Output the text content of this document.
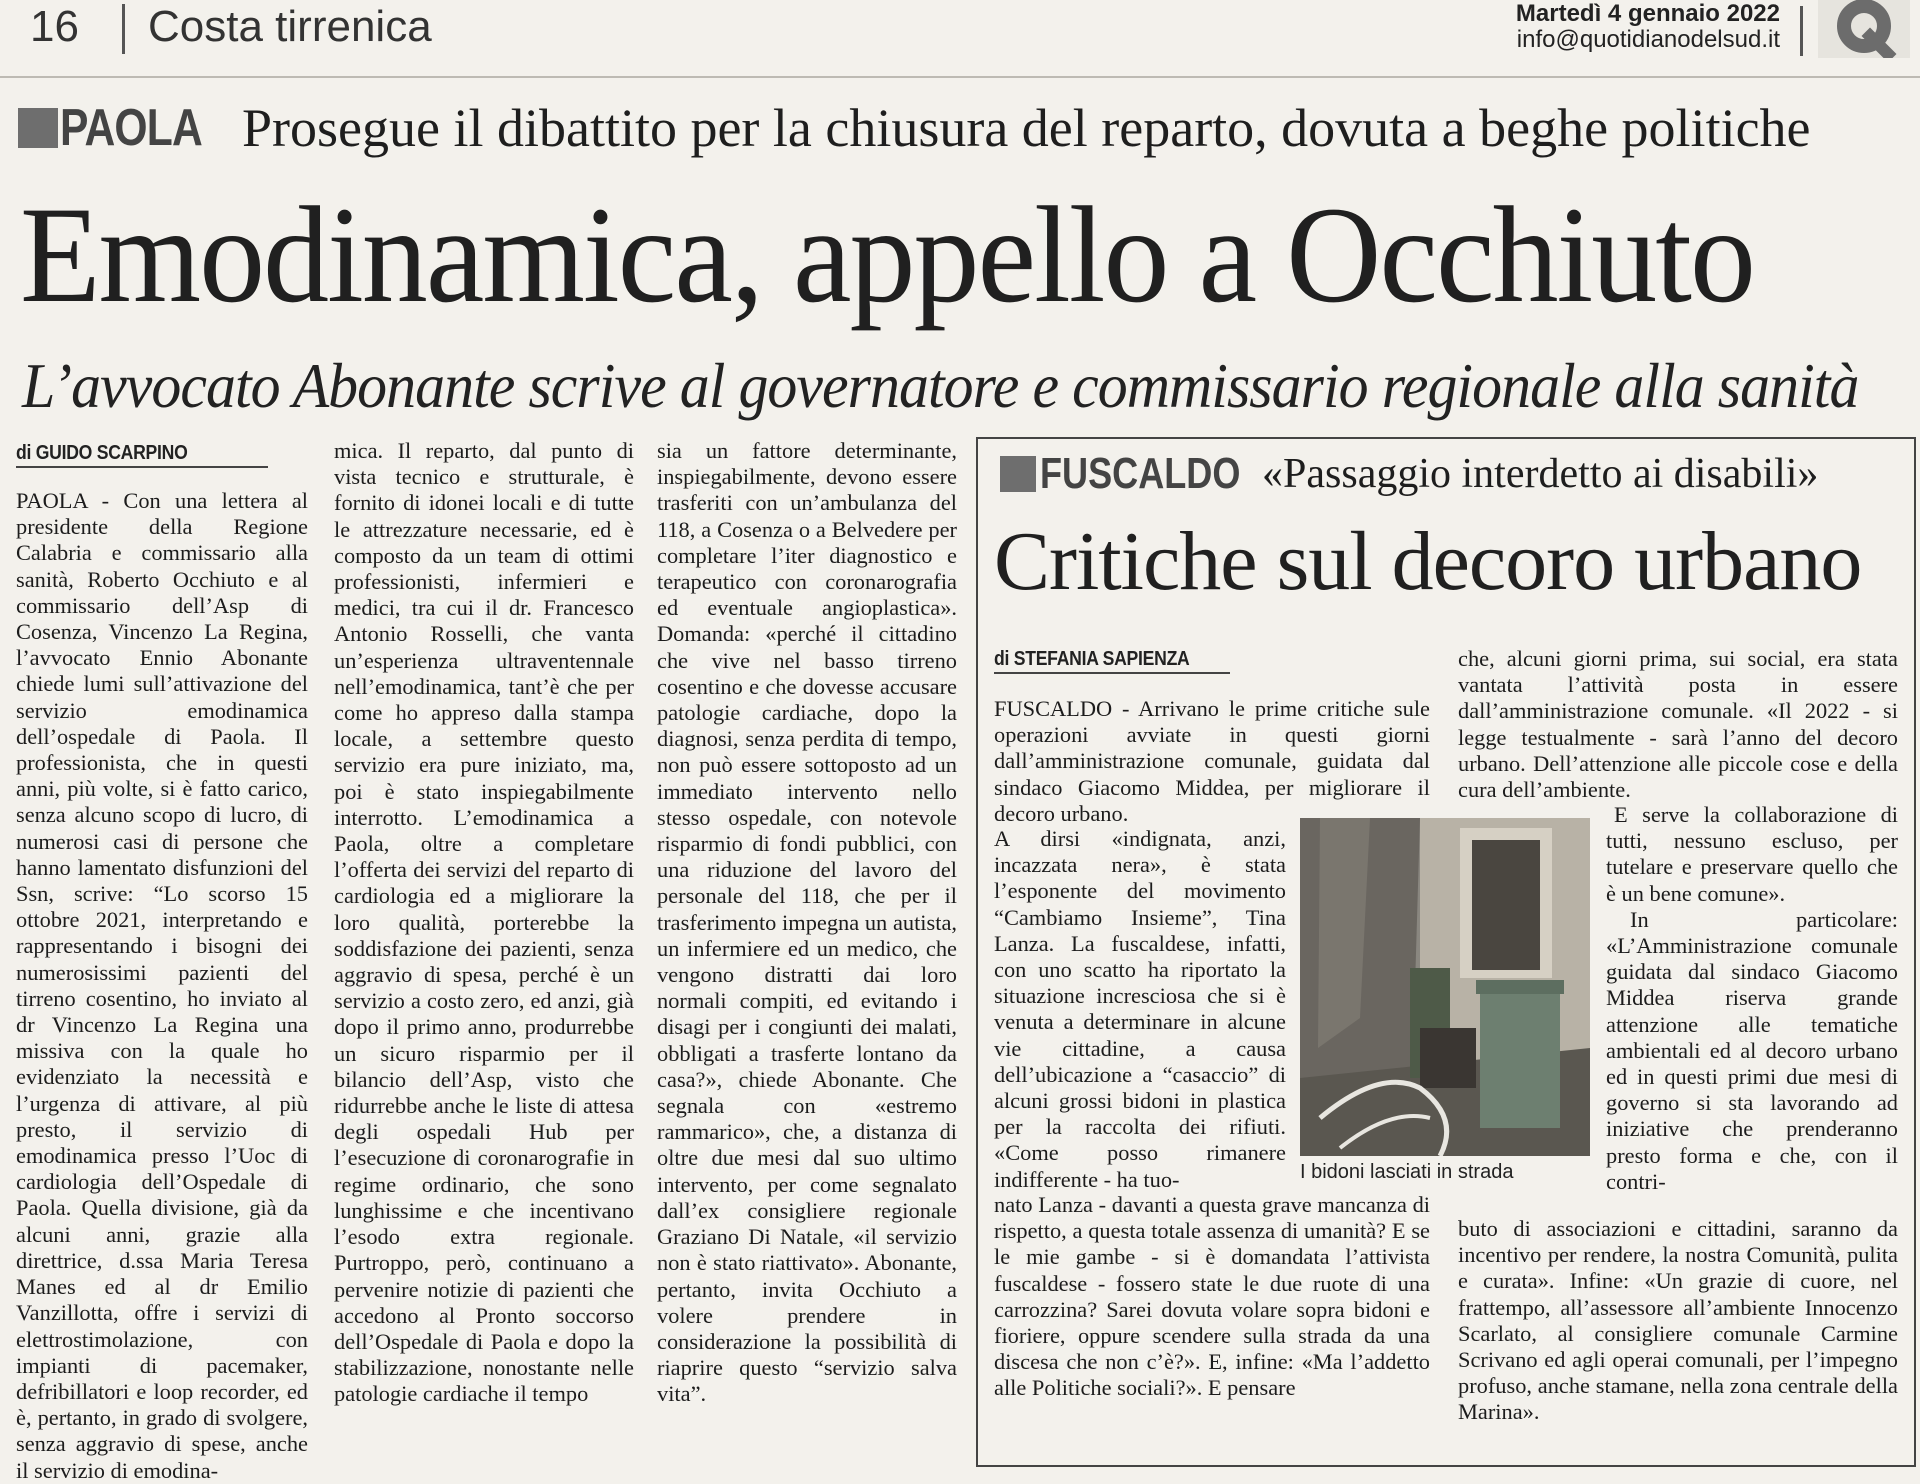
16 Costa tirrenica	Martedì 4 gennaio 2022
info@quotidianodelsud.it
PAOLA Prosegue il dibattito per la chiusura del reparto, dovuta a beghe politiche
Emodinamica, appello a Occhiuto
L’avvocato Abonante scrive al governatore e commissario regionale alla sanità
di GUIDO SCARPINO

PAOLA - Con una lettera al presidente della Regione Calabria e commissario alla sanità, Roberto Occhiuto e al commissario dell’Asp di Cosenza, Vincenzo La Regina, l’avvocato Ennio Abonante chiede lumi sull’attivazione del servizio emodinamica dell’ospedale di Paola. Il professionista, che in questi anni, più volte, si è fatto carico, senza alcuno scopo di lucro, di numerosi casi di persone che hanno lamentato disfunzioni del Ssn, scrive: “Lo scorso 15 ottobre 2021, interpretando e rappresentando i bisogni dei numerosissimi pazienti del tirreno cosentino, ho inviato al dr Vincenzo La Regina una missiva con la quale ho evidenziato la necessità e l’urgenza di attivare, al più presto, il servizio di emodinamica presso l’Uoc di cardiologia dell’Ospedale di Paola. Quella divisione, già da alcuni anni, grazie alla direttrice, d.ssa Maria Teresa Manes ed al dr Emilio Vanzillotta, offre i servizi di elettrostimolazione, con impianti di pacemaker, defribillatori e loop recorder, ed è, pertanto, in grado di svolgere, senza aggravio di spese, anche il servizio di emodina-

mica. Il reparto, dal punto di vista tecnico e strutturale, è fornito di idonei locali e di tutte le attrezzature necessarie, ed è composto da un team di ottimi professionisti, infermieri e medici, tra cui il dr. Francesco Antonio Rosselli, che vanta un’esperienza ultraventennale nell’emodinamica, tant’è che per come ho appreso dalla stampa locale, a settembre questo servizio era pure iniziato, ma, poi è stato inspiegabilmente interrotto. L’emodinamica a Paola, oltre a completare l’offerta dei servizi del reparto di cardiologia ed a migliorare la loro qualità, porterebbe la soddisfazione dei pazienti, senza aggravio di spesa, perché è un servizio a costo zero, ed anzi, già dopo il primo anno, produrrebbe un sicuro risparmio per il bilancio dell’Asp, visto che ridurrebbe anche le liste di attesa degli ospedali Hub per l’esecuzione di coronarografie in regime ordinario, che sono lunghissime e che incentivano l’esodo extra regionale. Purtroppo, però, continuano a pervenire notizie di pazienti che accedono al Pronto soccorso dell’Ospedale di Paola e dopo la stabilizzazione, nonostante nelle patologie cardiache il tempo

sia un fattore determinante, inspiegabilmente, devono essere trasferiti con un’ambulanza del 118, a Cosenza o a Belvedere per completare l’iter diagnostico e terapeutico con coronarografia ed eventuale angioplastica». Domanda: «perché il cittadino che vive nel basso tirreno cosentino e che dovesse accusare patologie cardiache, dopo la diagnosi, senza perdita di tempo, non può essere sottoposto ad un immediato intervento nello stesso ospedale, con notevole risparmio di fondi pubblici, con una riduzione del lavoro del personale del 118, che per il trasferimento impegna un autista, un infermiere ed un medico, che vengono distratti dai loro normali compiti, ed evitando i disagi per i congiunti dei malati, obbligati a trasferte lontano da casa?», chiede Abonante. Che segnala con «estremo rammarico», che, a distanza di oltre due mesi dal suo ultimo intervento, per come segnalato dall’ex consigliere regionale Graziano Di Natale, «il servizio non è stato riattivato». Abonante, pertanto, invita Occhiuto a volere prendere in considerazione la possibilità di riaprire questo “servizio salva vita”.

FUSCALDO «Passaggio interdetto ai disabili»
Critiche sul decoro urbano
di STEFANIA SAPIENZA

FUSCALDO - Arrivano le prime critiche sule operazioni avviate in questi giorni dall’amministrazione comunale, guidata dal sindaco Giacomo Middea, per migliorare il decoro urbano.

A dirsi «indignata, anzi, incazzata nera», è stata l’esponente del movimento “Cambiamo Insieme”, Tina Lanza. La fuscaldese, infatti, con uno scatto ha riportato la situazione incresciosa che si è venuta a determinare in alcune vie cittadine, a causa dell’ubicazione a “casaccio” di alcuni grossi bidoni in plastica per la raccolta dei rifiuti. «Come posso rimanere indifferente - ha tuo-

nato Lanza - davanti a questa grave mancanza di rispetto, a questa totale assenza di umanità? E se le mie gambe - si è domandata l’attivista fuscaldese - fossero state le due ruote di una carrozzina? Sarei dovuta volare sopra bidoni e fioriere, oppure scendere sulla strada da una discesa che non c’è?». E, infine: «Ma l’addetto alle Politiche sociali?». E pensare

che, alcuni giorni prima, sui social, era stata vantata l’attività posta in essere dall’amministrazione comunale. «Il 2022 - si legge testualmente - sarà l’anno del decoro urbano. Dell’attenzione alle piccole cose e della cura dell’ambiente.

E serve la collaborazione di tutti, nessuno escluso, per tutelare e preservare quello che è un bene comune».

In particolare: «L’Amministrazione comunale guidata dal sindaco Giacomo Middea riserva grande attenzione alle tematiche ambientali ed al decoro urbano ed in questi primi due mesi di governo si sta lavorando ad iniziative che prenderanno presto forma e che, con il contri-

buto di associazioni e cittadini, saranno da incentivo per rendere, la nostra Comunità, pulita e curata». Infine: «Un grazie di cuore, nel frattempo, all’assessore all’ambiente Innocenzo Scarlato, al consigliere comunale Carmine Scrivano ed agli operai comunali, per l’impegno profuso, anche stamane, nella zona centrale della Marina».

I bidoni lasciati in strada
